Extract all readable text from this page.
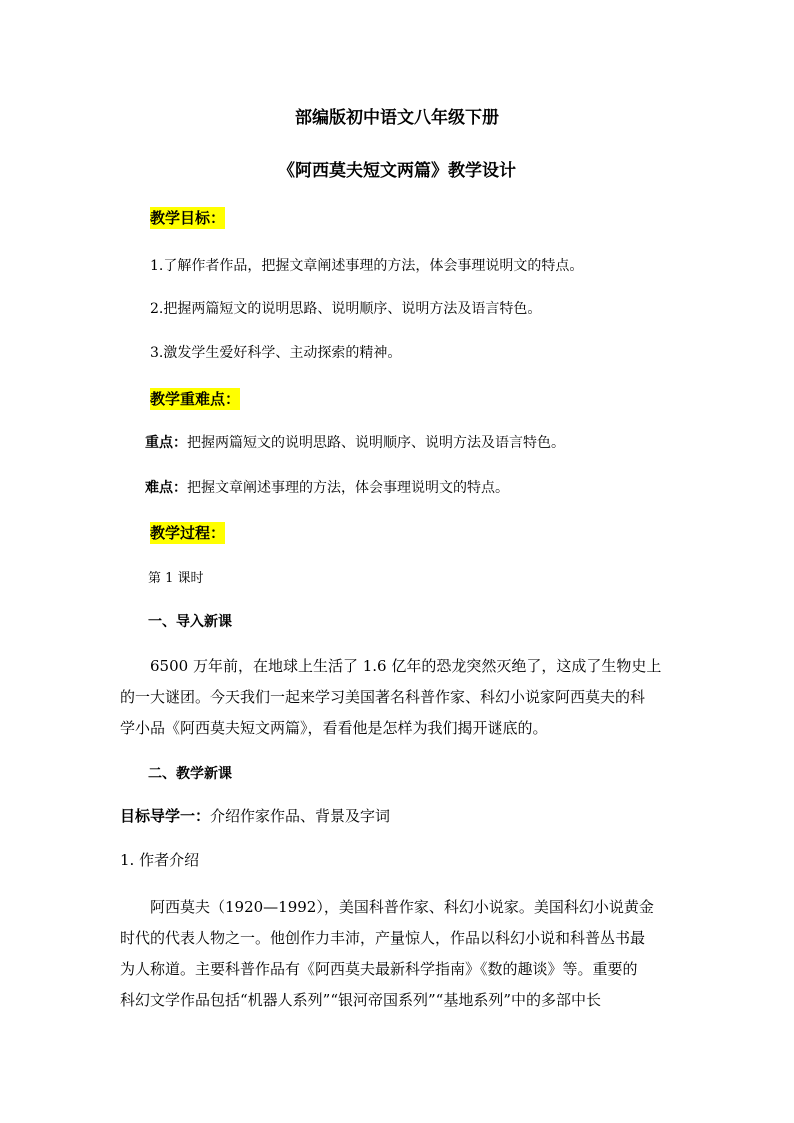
部编版初中语文八年级下册
《阿西莫夫短文两篇》教学设计
教学目标：
1.了解作者作品，把握文章阐述事理的方法，体会事理说明文的特点。
2.把握两篇短文的说明思路、说明顺序、说明方法及语言特色。
3.激发学生爱好科学、主动探索的精神。
教学重难点：
重点：把握两篇短文的说明思路、说明顺序、说明方法及语言特色。
难点：把握文章阐述事理的方法，体会事理说明文的特点。
教学过程：
第 1 课时
一、导入新课
6500 万年前，在地球上生活了 1.6 亿年的恐龙突然灭绝了，这成了生物史上
的一大谜团。今天我们一起来学习美国著名科普作家、科幻小说家阿西莫夫的科
学小品《阿西莫夫短文两篇》，看看他是怎样为我们揭开谜底的。
二、教学新课
目标导学一：介绍作家作品、背景及字词
1. 作者介绍
阿西莫夫（1920—1992），美国科普作家、科幻小说家。美国科幻小说黄金
时代的代表人物之一。他创作力丰沛，产量惊人，作品以科幻小说和科普丛书最
为人称道。主要科普作品有《阿西莫夫最新科学指南》《数的趣谈》等。重要的
科幻文学作品包括“机器人系列”“银河帝国系列”“基地系列”中的多部中长
